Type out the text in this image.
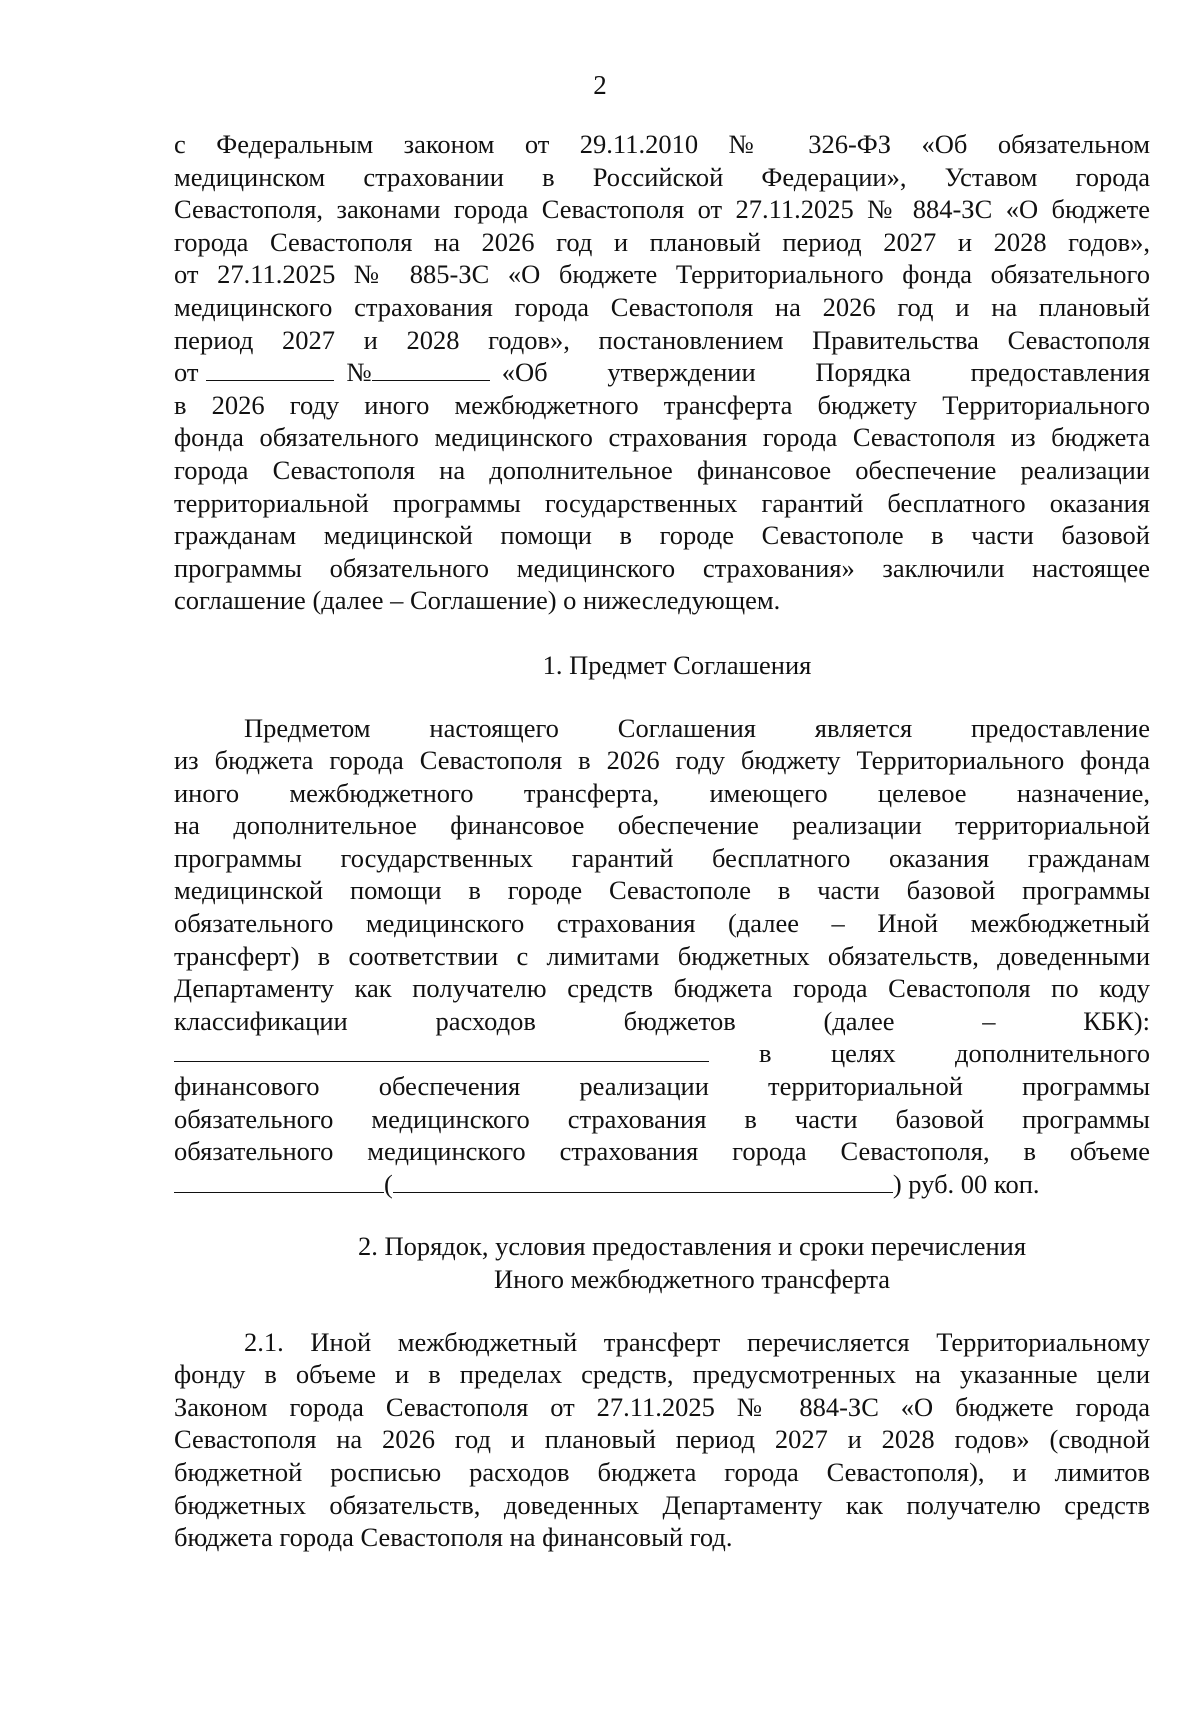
2
с Федеральным законом от 29.11.2010 № 326-ФЗ «Об обязательном
медицинском страховании в Российской Федерации», Уставом города
Севастополя, законами города Севастополя от 27.11.2025 № 884-ЗС «О бюджете
города Севастополя на 2026 год и плановый период 2027 и 2028 годов»,
от 27.11.2025 № 885-ЗС «О бюджете Территориального фонда обязательного
медицинского страхования города Севастополя на 2026 год и на плановый
период 2027 и 2028 годов», постановлением Правительства Севастополя
от	№	«Об утверждении Порядка предоставления
в 2026 году иного межбюджетного трансферта бюджету Территориального
фонда обязательного медицинского страхования города Севастополя из бюджета
города Севастополя на дополнительное финансовое обеспечение реализации
территориальной программы государственных гарантий бесплатного оказания
гражданам медицинской помощи в городе Севастополе в части базовой
программы обязательного медицинского страхования» заключили настоящее
соглашение (далее – Соглашение) о нижеследующем.
1. Предмет Соглашения
Предметом настоящего Соглашения является предоставление
из бюджета города Севастополя в 2026 году бюджету Территориального фонда
иного межбюджетного трансферта, имеющего целевое назначение,
на дополнительное финансовое обеспечение реализации территориальной
программы государственных гарантий бесплатного оказания гражданам
медицинской помощи в городе Севастополе в части базовой программы
обязательного медицинского страхования (далее – Иной межбюджетный
трансферт) в соответствии с лимитами бюджетных обязательств, доведенными
Департаменту как получателю средств бюджета города Севастополя по коду
классификации расходов бюджетов (далее – КБК):
в целях дополнительного
финансового обеспечения реализации территориальной программы
обязательного медицинского страхования в части базовой программы
обязательного медицинского страхования города Севастополя, в объеме
(	) руб. 00 коп.
2. Порядок, условия предоставления и сроки перечисления
Иного межбюджетного трансферта
2.1. Иной межбюджетный трансферт перечисляется Территориальному
фонду в объеме и в пределах средств, предусмотренных на указанные цели
Законом города Севастополя от 27.11.2025 № 884-ЗС «О бюджете города
Севастополя на 2026 год и плановый период 2027 и 2028 годов» (сводной
бюджетной росписью расходов бюджета города Севастополя), и лимитов
бюджетных обязательств, доведенных Департаменту как получателю средств
бюджета города Севастополя на финансовый год.
